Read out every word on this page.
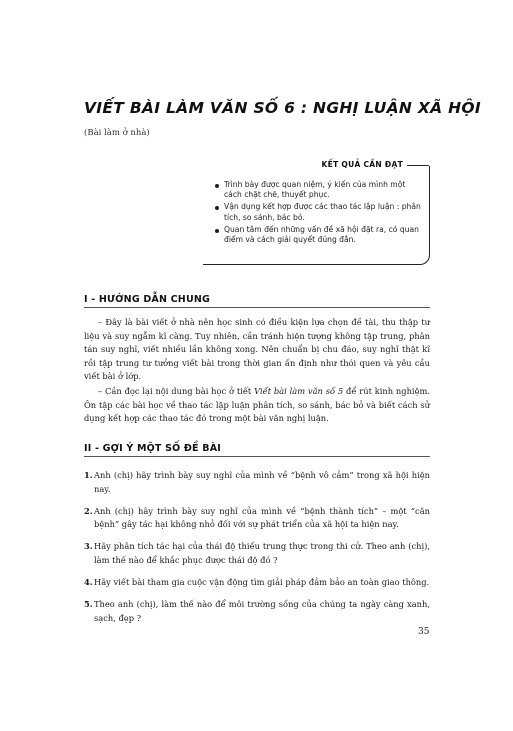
VIẾT BÀI LÀM VĂN SỐ 6 : NGHỊ LUẬN XÃ HỘI
(Bài làm ở nhà)
KẾT QUẢ CẦN ĐẠT
Trình bày được quan niệm, ý kiến của mình một cách chặt chẽ, thuyết phục.
Vận dụng kết hợp được các thao tác lập luận : phân tích, so sánh, bác bỏ.
Quan tâm đến những vấn đề xã hội đặt ra, có quan điểm và cách giải quyết đúng đắn.
I - HƯỚNG DẪN CHUNG

– Đây là bài viết ở nhà nên học sinh có điều kiện lựa chọn đề tài, thu thập tư liệu và suy ngẫm kĩ càng. Tuy nhiên, cần tránh hiện tượng không tập trung, phân tán suy nghĩ, viết nhiều lần không xong. Nên chuẩn bị chu đáo, suy nghĩ thật kĩ rồi tập trung tư tưởng viết bài trong thời gian ấn định như thói quen và yêu cầu viết bài ở lớp.

– Cần đọc lại nội dung bài học ở tiết Viết bài làm văn số 5 để rút kinh nghiệm. Ôn tập các bài học về thao tác lập luận phân tích, so sánh, bác bỏ và biết cách sử dụng kết hợp các thao tác đó trong một bài văn nghị luận.

II - GỢI Ý MỘT SỐ ĐỀ BÀI
1. Anh (chị) hãy trình bày suy nghĩ của mình về “bệnh vô cảm” trong xã hội hiện nay.
2. Anh (chị) hãy trình bày suy nghĩ của mình về “bệnh thành tích” – một “căn bệnh” gây tác hại không nhỏ đối với sự phát triển của xã hội ta hiện nay.
3. Hãy phân tích tác hại của thái độ thiếu trung thực trong thi cử. Theo anh (chị), làm thế nào để khắc phục được thái độ đó ?
4. Hãy viết bài tham gia cuộc vận động tìm giải pháp đảm bảo an toàn giao thông.
5. Theo anh (chị), làm thế nào để môi trường sống của chúng ta ngày càng xanh, sạch, đẹp ?
35
